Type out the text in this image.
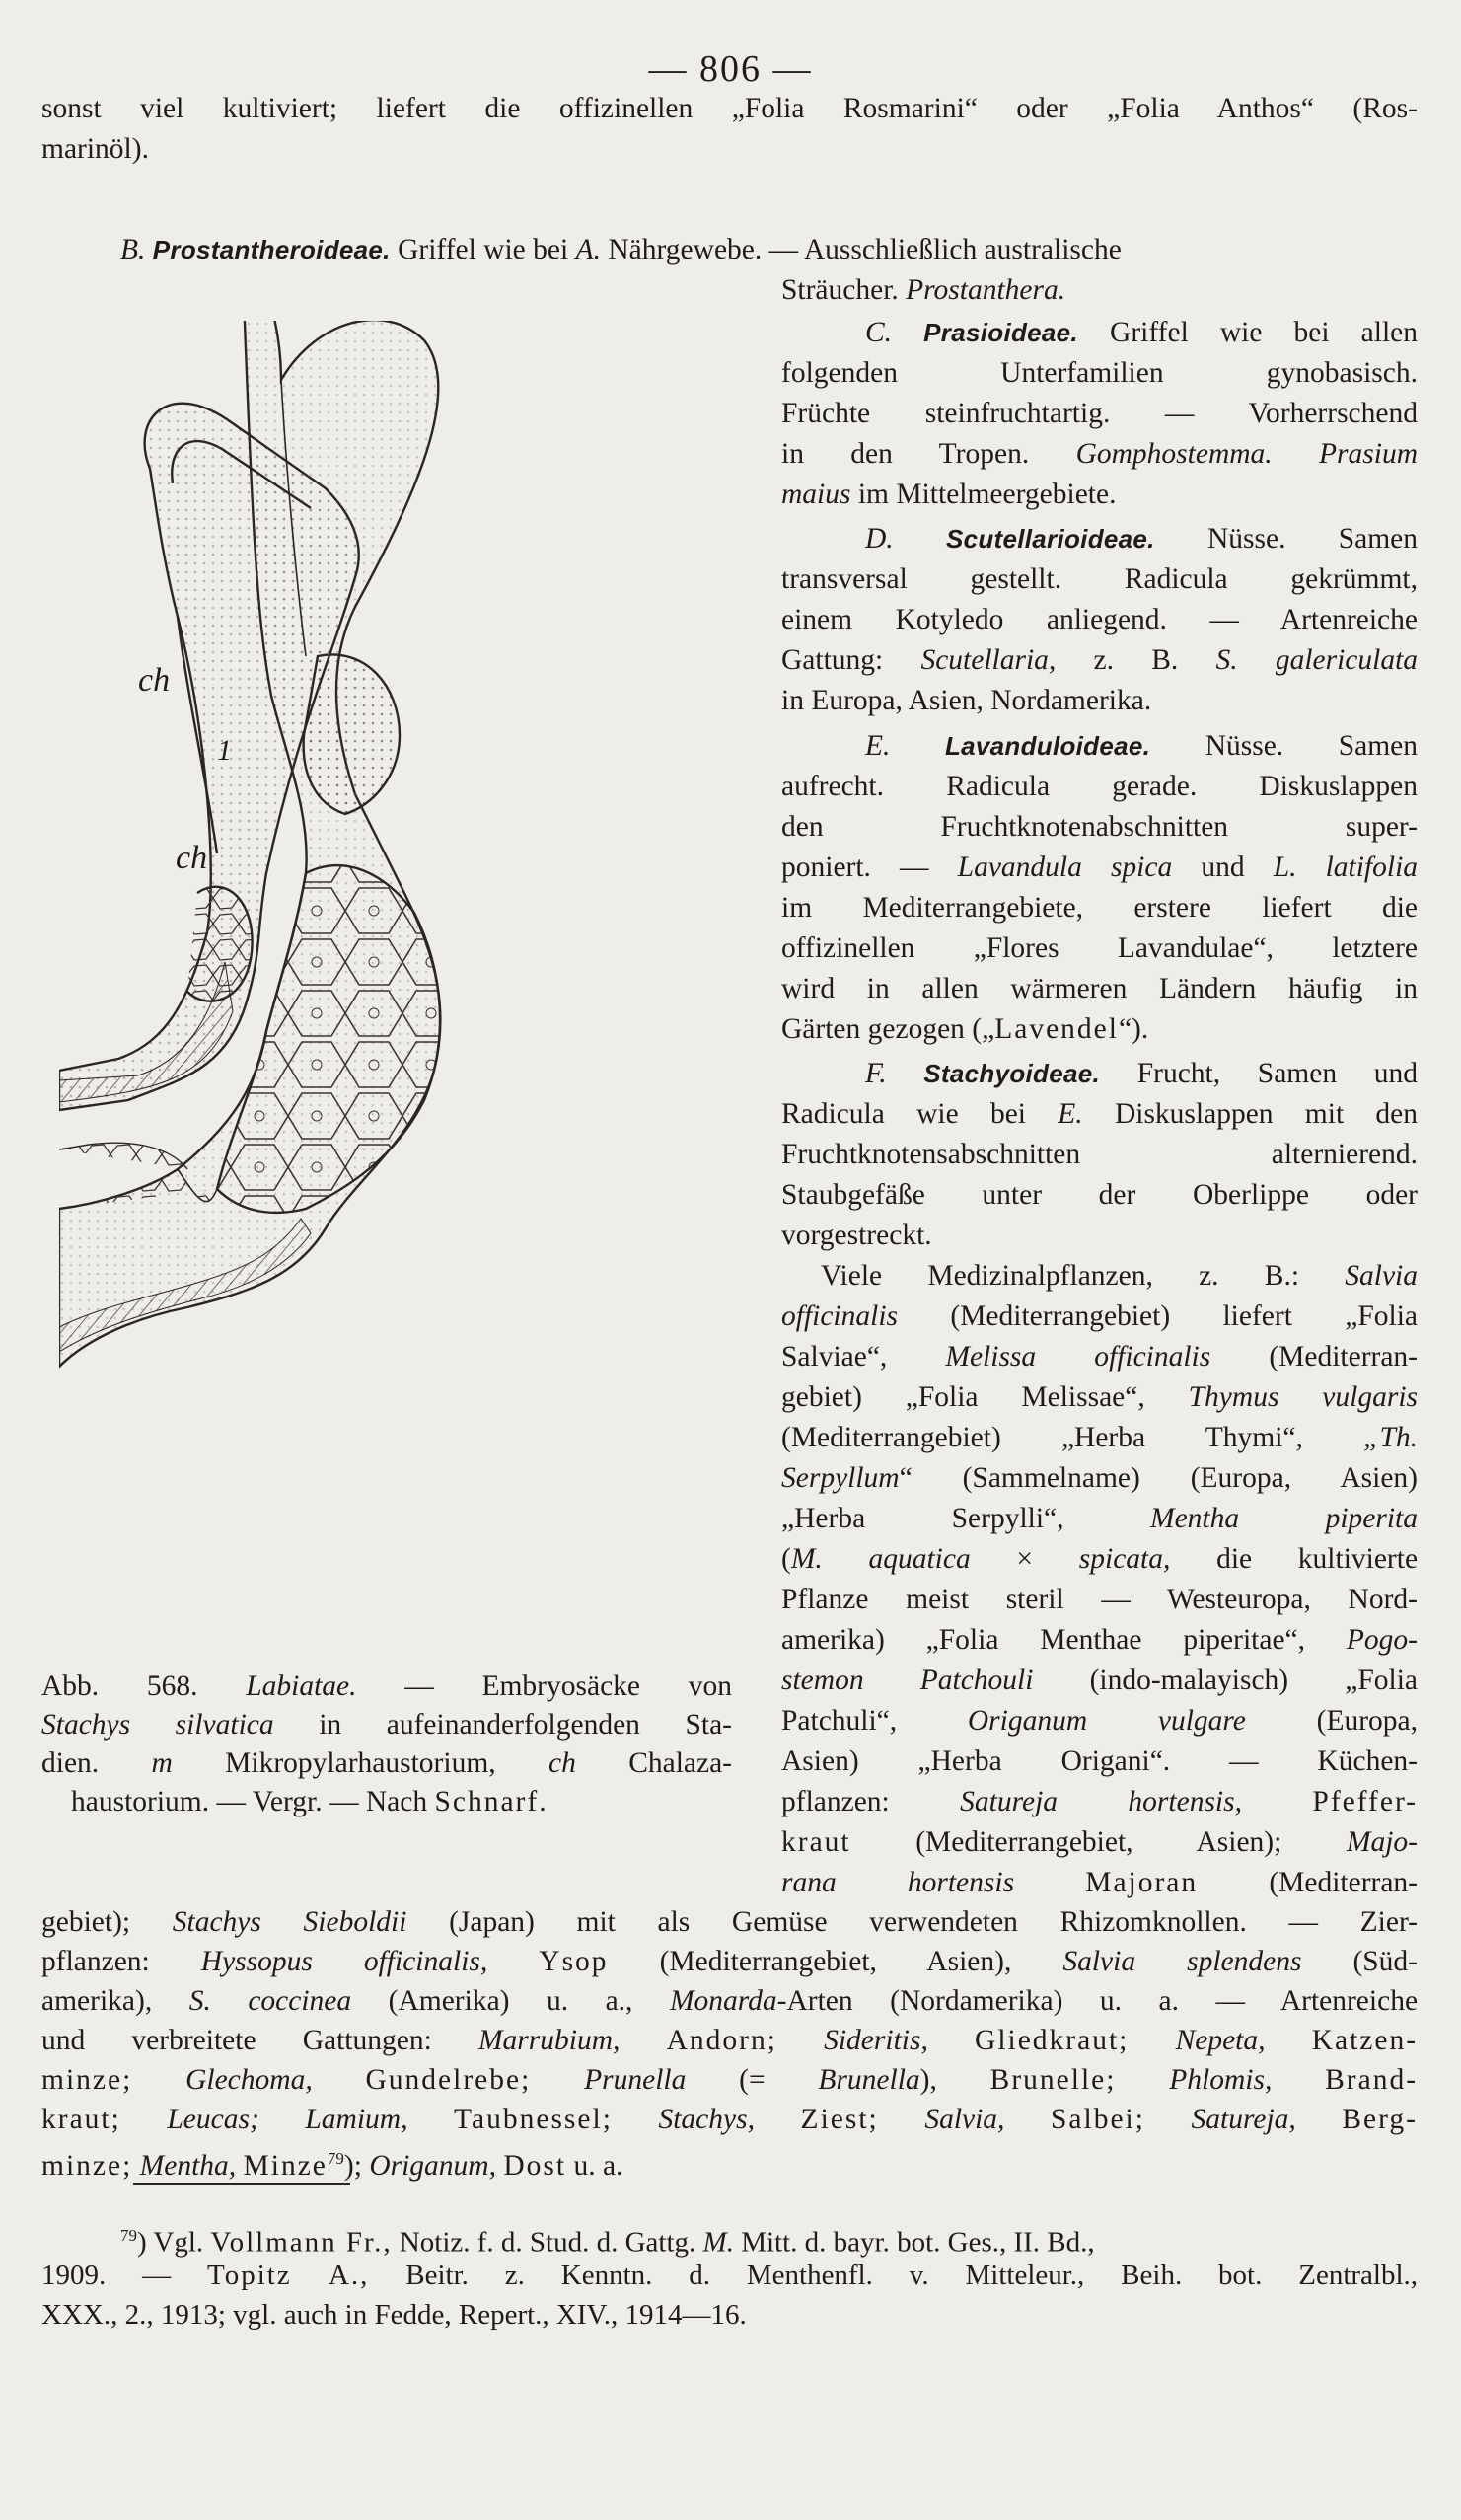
— 806 —
sonst viel kultiviert; liefert die offizinellen „Folia Rosmarini“ oder „Folia Anthos“ (Ros-
marinöl).
B. Prostantheroideae. Griffel wie bei A. Nährgewebe. — Ausschließlich australische
Sträucher. Prostanthera.
C. Prasioideae. Griffel wie bei allen
folgenden Unterfamilien gynobasisch.
Früchte steinfruchtartig. — Vorherrschend
in den Tropen. Gomphostemma. Prasium
maius im Mittelmeergebiete.
D. Scutellarioideae. Nüsse. Samen
transversal gestellt. Radicula gekrümmt,
einem Kotyledo anliegend. — Artenreiche
Gattung: Scutellaria, z. B. S. galericulata
in Europa, Asien, Nordamerika.
E. Lavanduloideae. Nüsse. Samen
aufrecht. Radicula gerade. Diskuslappen
den Fruchtknotenabschnitten super-
poniert. — Lavandula spica und L. latifolia
im Mediterrangebiete, erstere liefert die
offizinellen „Flores Lavandulae“, letztere
wird in allen wärmeren Ländern häufig in
Gärten gezogen („Lavendel“).
F. Stachyoideae. Frucht, Samen und
Radicula wie bei E. Diskuslappen mit den
Fruchtknotensabschnitten alternierend.
Staubgefäße unter der Oberlippe oder
vorgestreckt.
Viele Medizinalpflanzen, z. B.: Salvia
officinalis (Mediterrangebiet) liefert „Folia
Salviae“, Melissa officinalis (Mediterran-
gebiet) „Folia Melissae“, Thymus vulgaris
(Mediterrangebiet) „Herba Thymi“, „Th.
Serpyllum“ (Sammelname) (Europa, Asien)
„Herba Serpylli“,	Mentha piperita
(M. aquatica × spicata, die kultivierte
Pflanze meist steril — Westeuropa, Nord-
amerika) „Folia Menthae piperitae“, Pogo-
stemon Patchouli (indo-malayisch) „Folia
Patchuli“, Origanum vulgare (Europa,
Asien) „Herba Origani“. — Küchen-
pflanzen: Satureja hortensis, Pfeffer-
kraut (Mediterrangebiet, Asien); Majo-
rana hortensis Majoran (Mediterran-
gebiet); Stachys Sieboldii (Japan) mit als Gemüse verwendeten Rhizomknollen. — Zier-
pflanzen: Hyssopus officinalis, Ysop (Mediterrangebiet, Asien), Salvia splendens (Süd-
amerika), S. coccinea (Amerika) u. a., Monarda-Arten (Nordamerika) u. a. — Artenreiche
und verbreitete Gattungen: Marrubium, Andorn; Sideritis, Gliedkraut; Nepeta, Katzen-
minze; Glechoma, Gundelrebe; Prunella (= Brunella), Brunelle; Phlomis, Brand-
kraut; Leucas; Lamium, Taubnessel; Stachys, Ziest; Salvia, Salbei; Satureja, Berg-
minze; Mentha, Minze$^{79}$); Origanum, Dost u. a.
ch
1
ch
Abb. 568. Labiatae. — Embryosäcke von
Stachys silvatica in aufeinanderfolgenden Sta-
dien. m Mikropylarhaustorium, ch Chalaza-
haustorium. — Vergr. — Nach Schnarf.
$^{79}$) Vgl. Vollmann Fr., Notiz. f. d. Stud. d. Gattg. M. Mitt. d. bayr. bot. Ges., II. Bd.,
1909. — Topitz A., Beitr. z. Kenntn. d. Menthenfl. v. Mitteleur., Beih. bot. Zentralbl.,
XXX., 2., 1913; vgl. auch in Fedde, Repert., XIV., 1914—16.
